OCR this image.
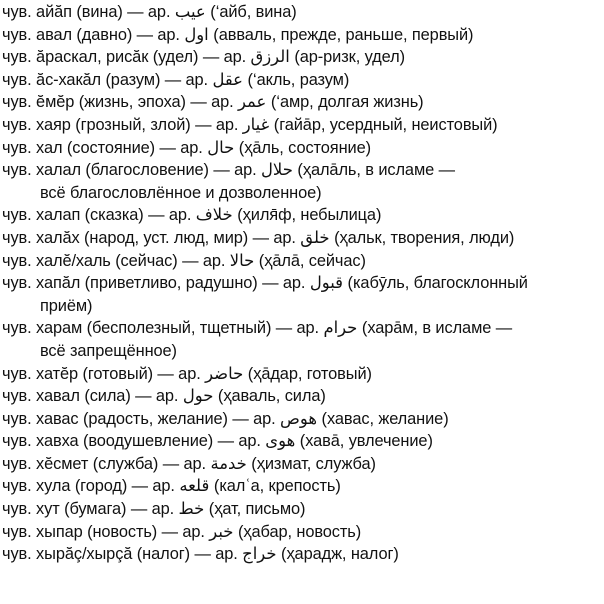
чув. айăп (вина) — ар. عيب (‘айб, вина)
чув. авал (давно) — ар. اول (авваль, прежде, раньше, первый)
чув. ăраскал, рисăк (удел) — ар. الرزق (ар-ризк, удел)
чув. ăс-хакăл (разум) — ар. عقل (‘акль, разум)
чув. ĕмĕр (жизнь, эпоха) — ар. عمر (‘амр, долгая жизнь)
чув. хаяр (грозный, злой) — ар. غيار (гайāр, усердный, неистовый)
чув. хал (состояние) — ар. حال (ҳāль, состояние)
чув. халал (благословение) — ар. حلال (ҳалāль, в исламе —
всё благословлённое и дозволенное)
чув. халап (сказка) — ар. خلاف (ҳиля̄ф, небылица)
чув. халăх (народ, уст. люд, мир) — ар. خلق (ҳальк, творения, люди)
чув. халĕ/халь (сейчас) — ар. حالا (ҳāлā, сейчас)
чув. хапăл (приветливо, радушно) — ар. قبول (кабӯль, благосклонный
приём)
чув. харам (бесполезный, тщетный) — ар. حرام (харāм, в исламе —
всё запрещённое)
чув. хатĕр (готовый) — ар. حاضر (ҳāдар, готовый)
чув. хавал (сила) — ар. حول (ҳаваль, сила)
чув. хавас (радость, желание) — ар. هوص (хаваc, желание)
чув. хавха (воодушевление) — ар. هوى (хавā, увлечение)
чув. хĕсмет (служба) — ар. خدمة (ҳизмат, служба)
чув. хула (город) — ар. قلعه (калʿа, крепость)
чув. хут (бумага) — ар. خط (ҳат, письмо)
чув. хыпар (новость) — ар. خبر (ҳабар, новость)
чув. хырăç/хырçă (налог) — ар. خراج (ҳарадж, налог)
